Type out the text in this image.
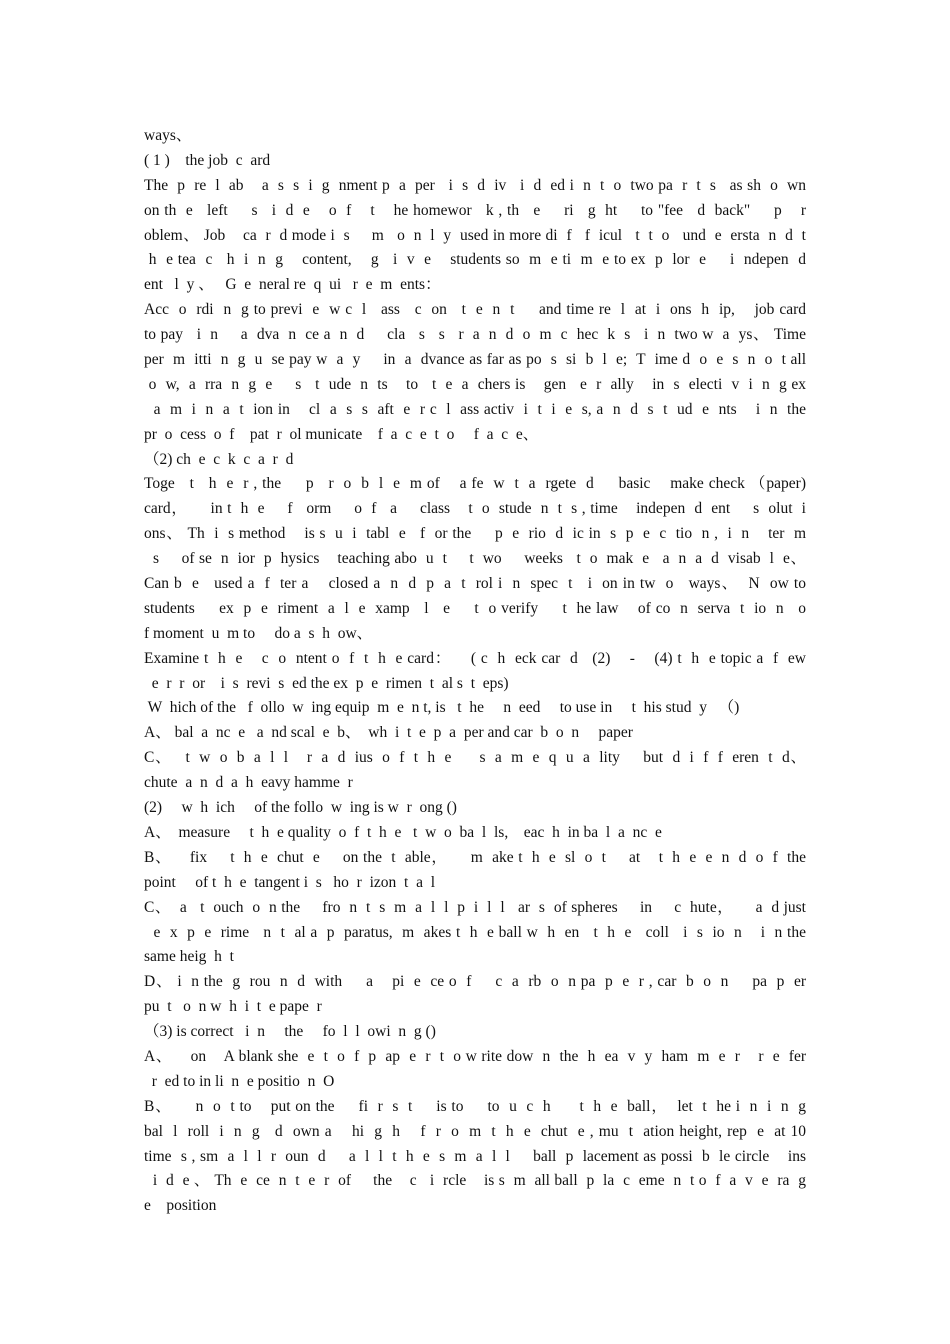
ways、
( 1 )    the job  c  ard
The  p  re  l  ab    a  s  s  i  g  nment p  a  per   i  s  d  iv   i  d  ed i  n  t  o  two pa  r  t  s   as sh  o  wn
on th  e   left     s   i  d  e    o  f    t    he homewor   k , th   e     ri   g  ht     to "fee   d  back"     p    r
oblem、 Job    ca  r  d mode i  s     m   o  n  l  y  used in more di  f   f  icul   t  t  o   und  e  ersta  n  d  t
h  e tea  c   h  i  n  g    content,    g   i  v  e    students so  m  e ti  m  e to ex  p  lor  e     i  ndepen  d
ent   l  y 、   G  e  neral re  q  ui   r  e  m  ents：
Acc  o  rdi  n  g to previ  e  w c  l   ass   c  on   t  e  n  t     and time re  l  at  i  ons  h  ip,    job card
to pay   i  n     a  dva  n  ce a  n  d     cla   s   s   r  a  n  d  o  m  c  hec  k  s   i  n  two w  a  ys、 Time
per  m  itti  n  g  u  se pay w  a  y     in  a  dvance as far as po  s  si  b  l  e;  T  ime d  o  e  s  n  o  t all
o  w,  a  rra  n  g  e     s   t  ude  n  ts    to   t  e  a  chers is    gen   e  r  ally    in  s  electi  v  i  n  g ex
a  m  i  n  a  t  ion in    cl  a  s  s  aft  e  r c  l  ass activ  i  t  i  e  s, a  n  d  s  t  ud  e  nts    i  n  the
pr  o  cess  o  f    pat  r  ol municate    f  a  c  e  t  o     f  a  c  e、
（2) ch  e  c  k  c  a  r  d
Toge   t   h  e  r , the     p   r  o  b  l  e  m of    a fe  w  t  a  rgete  d     basic    make check （paper)
card，     in t  h  e     f   orm     o  f   a     class    t  o  stude  n  t  s , time    indepen  d  ent     s  olut  i
ons、 Th  i  s method    is s  u  i  tabl  e   f  or the     p  e  rio  d  ic in  s  p  e  c  tio  n ,  i  n    ter  m
s     of se  n  ior  p  hysics    teaching abo  u  t     t  wo     weeks   t  o  mak  e   a  n  a  d  visab  l  e、
Can b  e   used a  f  ter a    closed a  n  d  p  a  t  rol i  n  spec  t   i  on in tw  o   ways、  N  ow to
students     ex  p  e  riment  a  l  e  xamp   l   e     t  o verify     t  he law    of co  n  serva  t  io  n   o
f moment  u  m to     do a  s  h  ow、
Examine t  h  e    c  o  ntent o  f  t  h  e card：    ( c  h  eck car  d   (2)    -    (4) t  h  e topic a  f  ew
e  r  r  or    i  s  revi  s  ed the ex  p  e  rimen  t  al s  t  eps)
W  hich of the   f  ollo  w  ing equip  m  e  n t, is   t  he     n  eed     to use in     t  his stud  y   （)
A、 bal  a  nc  e   a  nd scal  e  b、  wh  i  t  e  p  a  per and car  b  o  n     paper
C、   t  w  o  b  a  l  l    r  a  d  ius  o  f  t  h  e      s  a  m  e  q  u  a  lity     but  d  i  f  f  eren  t  d、
chute  a  n  d  a  h  eavy hamme  r
(2)     w  h  ich     of the follo  w  ing is w  r  ong ()
A、  measure     t  h  e quality  o  f  t  h  e   t  w  o  ba  l  ls,    eac  h  in ba  l  a  nc  e
B、    fix     t  h  e  chut  e     on the  t  able，     m  ake t  h  e  sl  o  t     at    t  h  e  e  n  d  o  f  the
point     of t  h  e  tangent i  s   ho  r  izon  t  a  l
C、  a   t  ouch  o  n the     fro  n  t  s  m  a  l  l  p  i  l  l   ar  s  of spheres     in     c  hute，     a  d just
e  x  p  e  rime   n  t  al a  p  paratus,  m  akes t  h  e ball w  h  en   t  h  e   coll   i  s  io  n    i  n the
same heig  h  t
D、 i  n the  g  rou  n  d  with     a    pi  e  ce o  f     c  a  rb  o  n pa  p  e  r , car  b  o  n     pa  p  er
pu  t   o  n w  h  i  t  e pape  r
（3) is correct   i  n     the     fo  l  l  owi  n  g ()
A、    on    A blank she  e  t  o  f  p  ap  e  r  t  o w rite dow  n  the  h  ea  v  y  ham  m  e  r    r  e  fer
r  ed to in li  n  e positio  n  O
B、     n  o  t to    put on the     fi  r  s  t     is to     to  u  c  h      t  h  e  ball，  let  t  he i  n  i  n  g
bal  l  roll  i  n  g   d  own a    hi  g  h    f  r  o  m  t  h  e  chut  e , mu  t  ation height, rep  e  at 10
time  s , sm  a  l  l  r  oun  d     a  l  l  t  h  e  s  m  a  l  l     ball  p  lacement as possi  b  le circle    ins
i  d  e 、 Th  e  ce  n  t  e  r  of     the    c   i  rcle    is s  m  all ball  p  la  c  eme  n  t o  f  a  v  e  ra  g
e    position
